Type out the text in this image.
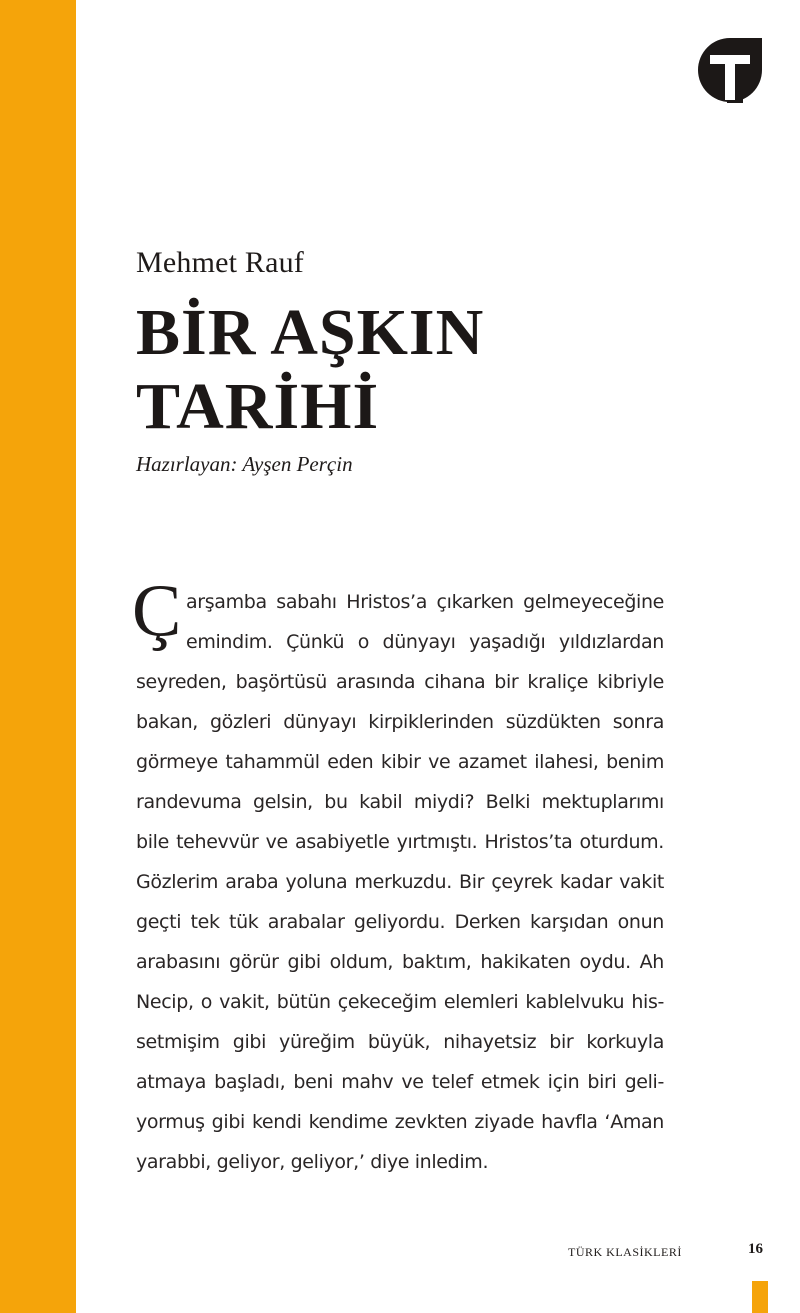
Mehmet Rauf
BİR AŞKIN
TARİHİ
Hazırlayan: Ayşen Perçin
Ç arşamba sabahı Hristos’a çıkarken gelmeyeceğine
emindim. Çünkü o dünyayı yaşadığı yıldızlardan
seyreden, başörtüsü arasında cihana bir kraliçe kibriyle
bakan, gözleri dünyayı kirpiklerinden süzdükten sonra
görmeye tahammül eden kibir ve azamet ilahesi, benim
randevuma gelsin, bu kabil miydi? Belki mektuplarımı
bile tehevvür ve asabiyetle yırtmıştı. Hristos’ta oturdum.
Gözlerim araba yoluna merkuzdu. Bir çeyrek kadar vakit
geçti tek tük arabalar geliyordu. Derken karşıdan onun
arabasını görür gibi oldum, baktım, hakikaten oydu. Ah
Necip, o vakit, bütün çekeceğim elemleri kablelvuku his-
setmişim gibi yüreğim büyük, nihayetsiz bir korkuyla
atmaya başladı, beni mahv ve telef etmek için biri geli-
yormuş gibi kendi kendime zevkten ziyade havfla ‘Aman
yarabbi, geliyor, geliyor,’ diye inledim.
TÜRK KLASİKLERİ	16
